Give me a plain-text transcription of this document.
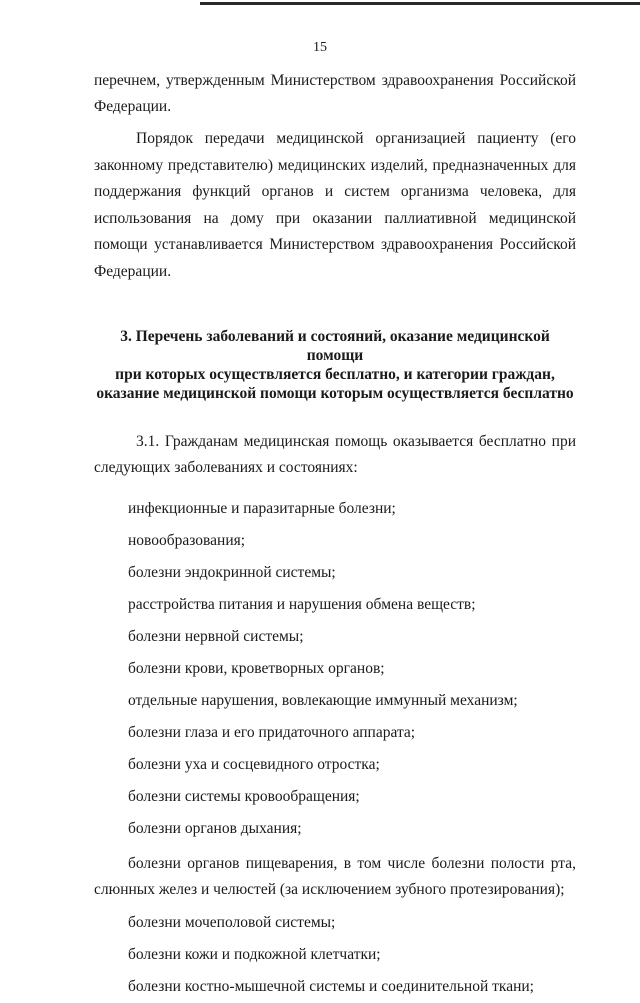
15

перечнем, утвержденным Министерством здравоохранения Российской

Федерации.

Порядок передачи медицинской организацией пациенту (его законному представителю) медицинских изделий, предназначенных для поддержания функций органов и систем организма человека, для использования на дому при оказании паллиативной медицинской помощи устанавливается Министерством здравоохранения Российской Федерации.

3. Перечень заболеваний и состояний, оказание медицинской помощи
при которых осуществляется бесплатно, и категории граждан,
оказание медицинской помощи которым осуществляется бесплатно

3.1. Гражданам медицинская помощь оказывается бесплатно при следующих заболеваниях и состояниях:

инфекционные и паразитарные болезни;
новообразования;
болезни эндокринной системы;
расстройства питания и нарушения обмена веществ;
болезни нервной системы;
болезни крови, кроветворных органов;
отдельные нарушения, вовлекающие иммунный механизм;
болезни глаза и его придаточного аппарата;
болезни уха и сосцевидного отростка;
болезни системы кровообращения;
болезни органов дыхания;
болезни органов пищеварения, в том числе болезни полости рта, слюнных желез и челюстей (за исключением зубного протезирования);
болезни мочеполовой системы;
болезни кожи и подкожной клетчатки;
болезни костно-мышечной системы и соединительной ткани;
